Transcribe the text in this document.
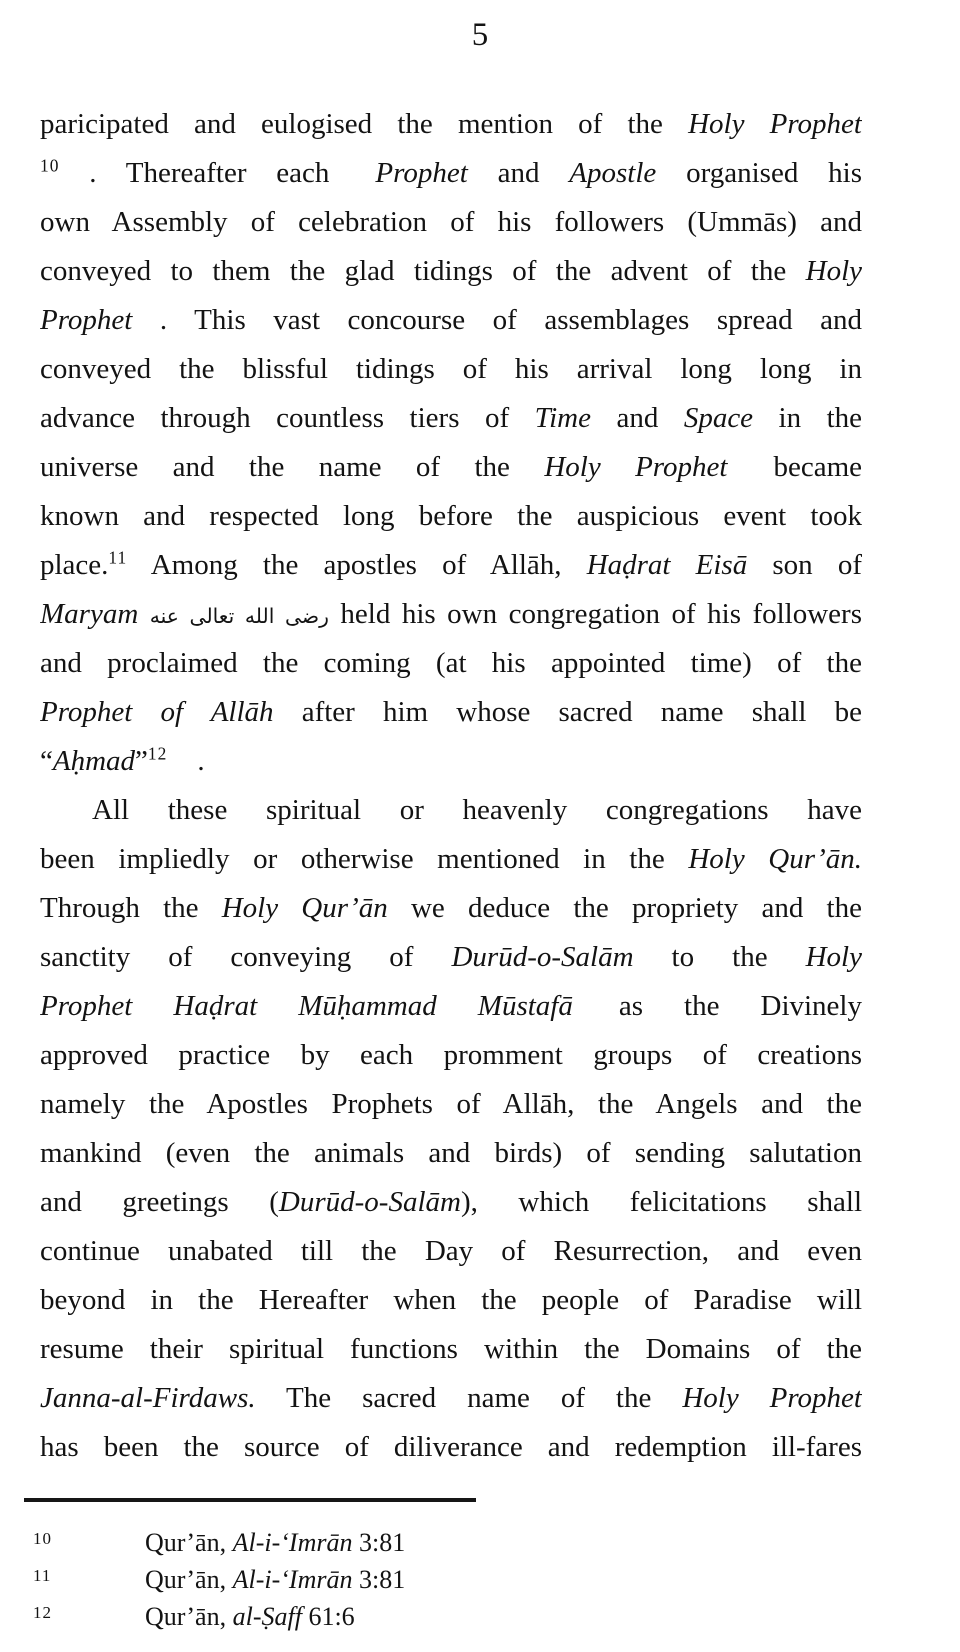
5
paricipated and eulogised the mention of the Holy Prophet
$^{10}$ . Thereafter each Prophet and Apostle organised his
own Assembly of celebration of his followers (Ummās) and
conveyed to them the glad tidings of the advent of the Holy
Prophet . This vast concourse of assemblages spread and
conveyed the blissful tidings of his arrival long long in
advance through countless tiers of Time and Space in the
universe and the name of the Holy Prophet became
known and respected long before the auspicious event took
place.$^{11}$ Among the apostles of Allāh, Haḍrat Eisā son of
Maryam رضى الله تعالى عنه held his own congregation of his followers
and proclaimed the coming (at his appointed time) of the
Prophet of Allāh after him whose sacred name shall be
“Aḥmad”$^{12}$ .
All these spiritual or heavenly congregations have
been impliedly or otherwise mentioned in the Holy Qur’ān.
Through the Holy Qur’ān we deduce the propriety and the
sanctity of conveying of Durūd-o-Salām to the Holy
Prophet Haḍrat Mūḥammad Mūstafā as the Divinely
approved practice by each promment groups of creations
namely the Apostles Prophets of Allāh, the Angels and the
mankind (even the animals and birds) of sending salutation
and greetings (Durūd-o-Salām), which felicitations shall
continue unabated till the Day of Resurrection, and even
beyond in the Hereafter when the people of Paradise will
resume their spiritual functions within the Domains of the
Janna-al-Firdaws. The sacred name of the Holy Prophet
has been the source of diliverance and redemption ill-fares
10	Qur’ān, Al-i-‘Imrān 3:81
11	Qur’ān, Al-i-‘Imrān 3:81
12	Qur’ān, al-Ṣaff 61:6
